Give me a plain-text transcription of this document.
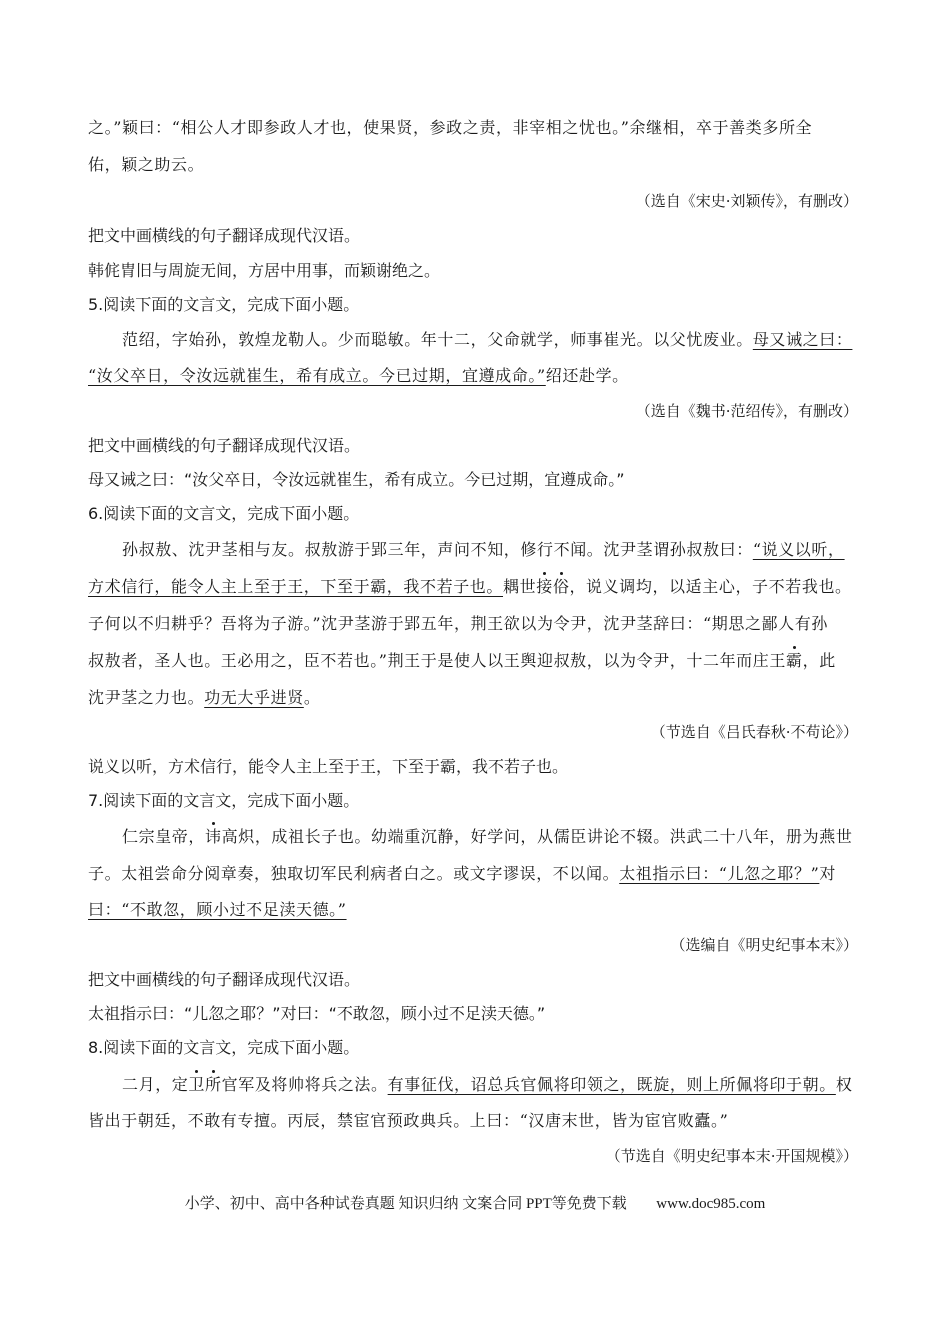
之。”颖曰：“相公人才即参政人才也，使果贤，参政之责，非宰相之忧也。”余继相，卒于善类多所全
佑，颖之助云。
（选自《宋史·刘颖传》，有删改）
把文中画横线的句子翻译成现代汉语。
韩侂胄旧与周旋无间，方居中用事，而颖谢绝之。
5.阅读下面的文言文，完成下面小题。
范绍，字始孙，敦煌龙勒人。少而聪敏。年十二，父命就学，师事崔光。以父忧废业。母又诫之曰：
“汝父卒日，令汝远就崔生，希有成立。今已过期，宜遵成命。”绍还赴学。
（选自《魏书·范绍传》，有删改）
把文中画横线的句子翻译成现代汉语。
母又诫之曰：“汝父卒日，令汝远就崔生，希有成立。今已过期，宜遵成命。”
6.阅读下面的文言文，完成下面小题。
孙叔敖、沈尹茎相与友。叔敖游于郢三年，声问不知，修行不闻。沈尹茎谓孙叔敖曰：“说义以听，
方术信行，能令人主上至于王，下至于霸，我不若子也。耦世接俗，说义调均，以适主心，子不若我也。
子何以不归耕乎？吾将为子游。”沈尹茎游于郢五年，荆王欲以为令尹，沈尹茎辞曰：“期思之鄙人有孙
叔敖者，圣人也。王必用之，臣不若也。”荆王于是使人以王舆迎叔敖，以为令尹，十二年而庄王霸，此
沈尹茎之力也。功无大乎进贤。
（节选自《吕氏春秋·不苟论》）
说义以听，方术信行，能令人主上至于王，下至于霸，我不若子也。
7.阅读下面的文言文，完成下面小题。
仁宗皇帝，讳高炽，成祖长子也。幼端重沉静，好学问，从儒臣讲论不辍。洪武二十八年，册为燕世
子。太祖尝命分阅章奏，独取切军民利病者白之。或文字谬误，不以闻。太祖指示曰：“儿忽之耶？”对
曰：“不敢忽，顾小过不足渎天德。”
（选编自《明史纪事本末》）
把文中画横线的句子翻译成现代汉语。
太祖指示曰：“儿忽之耶？”对曰：“不敢忽，顾小过不足渎天德。”
8.阅读下面的文言文，完成下面小题。
二月，定卫所官军及将帅将兵之法。有事征伐，诏总兵官佩将印领之，既旋，则上所佩将印于朝。权
皆出于朝廷，不敢有专擅。丙辰，禁宦官预政典兵。上曰：“汉唐末世，皆为宦官败蠹。”
（节选自《明史纪事本末·开国规模》）
小学、初中、高中各种试卷真题 知识归纳 文案合同 PPT等免费下载 www.doc985.com
